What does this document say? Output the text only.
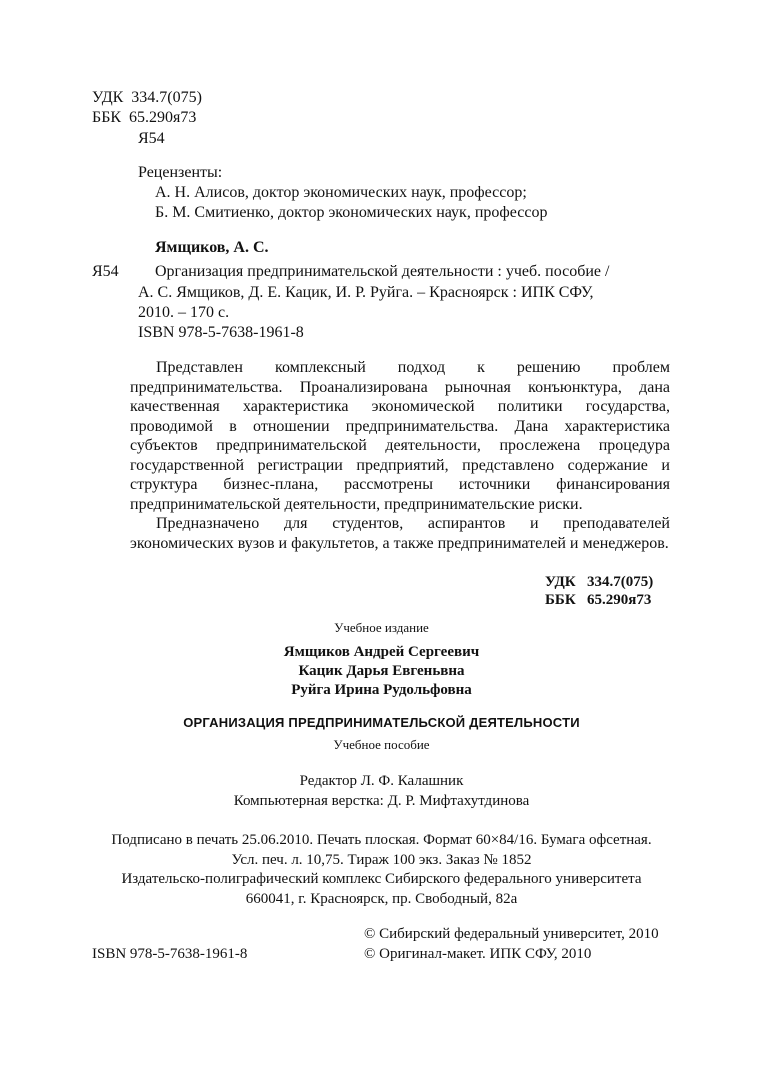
УДК 334.7(075)
ББК 65.290я73
Я54
Рецензенты:
А. Н. Алисов, доктор экономических наук, профессор;
Б. М. Смитиенко, доктор экономических наук, профессор
Ямщиков, А. С.
Я54 Организация предпринимательской деятельности : учеб. пособие /
А. С. Ямщиков, Д. Е. Кацик, И. Р. Руйга. – Красноярск : ИПК СФУ,
2010. – 170 с.
ISBN 978-5-7638-1961-8

Представлен комплексный подход к решению проблем предпринимательства. Проанализирована рыночная конъюнктура, дана качественная характеристика экономической политики государства, проводимой в отношении предпринимательства. Дана характеристика субъектов предпринимательской деятельности, прослежена процедура государственной регистрации предприятий, представлено содержание и структура бизнес-плана, рассмотрены источники финансирования предпринимательской деятельности, предпринимательские риски.

Предназначено для студентов, аспирантов и преподавателей экономических вузов и факультетов, а также предпринимателей и менеджеров.

УДК 334.7(075)
ББК 65.290я73
Учебное издание
Ямщиков Андрей Сергеевич
Кацик Дарья Евгеньвна
Руйга Ирина Рудольфовна
ОРГАНИЗАЦИЯ ПРЕДПРИНИМАТЕЛЬСКОЙ ДЕЯТЕЛЬНОСТИ
Учебное пособие
Редактор Л. Ф. Калашник
Компьютерная верстка: Д. Р. Мифтахутдинова
Подписано в печать 25.06.2010. Печать плоская. Формат 60×84/16. Бумага офсетная.
Усл. печ. л. 10,75. Тираж 100 экз. Заказ № 1852
Издательско-полиграфический комплекс Сибирского федерального университета
660041, г. Красноярск, пр. Свободный, 82а
© Сибирский федеральный университет, 2010
ISBN 978-5-7638-1961-8	© Оригинал-макет. ИПК СФУ, 2010
